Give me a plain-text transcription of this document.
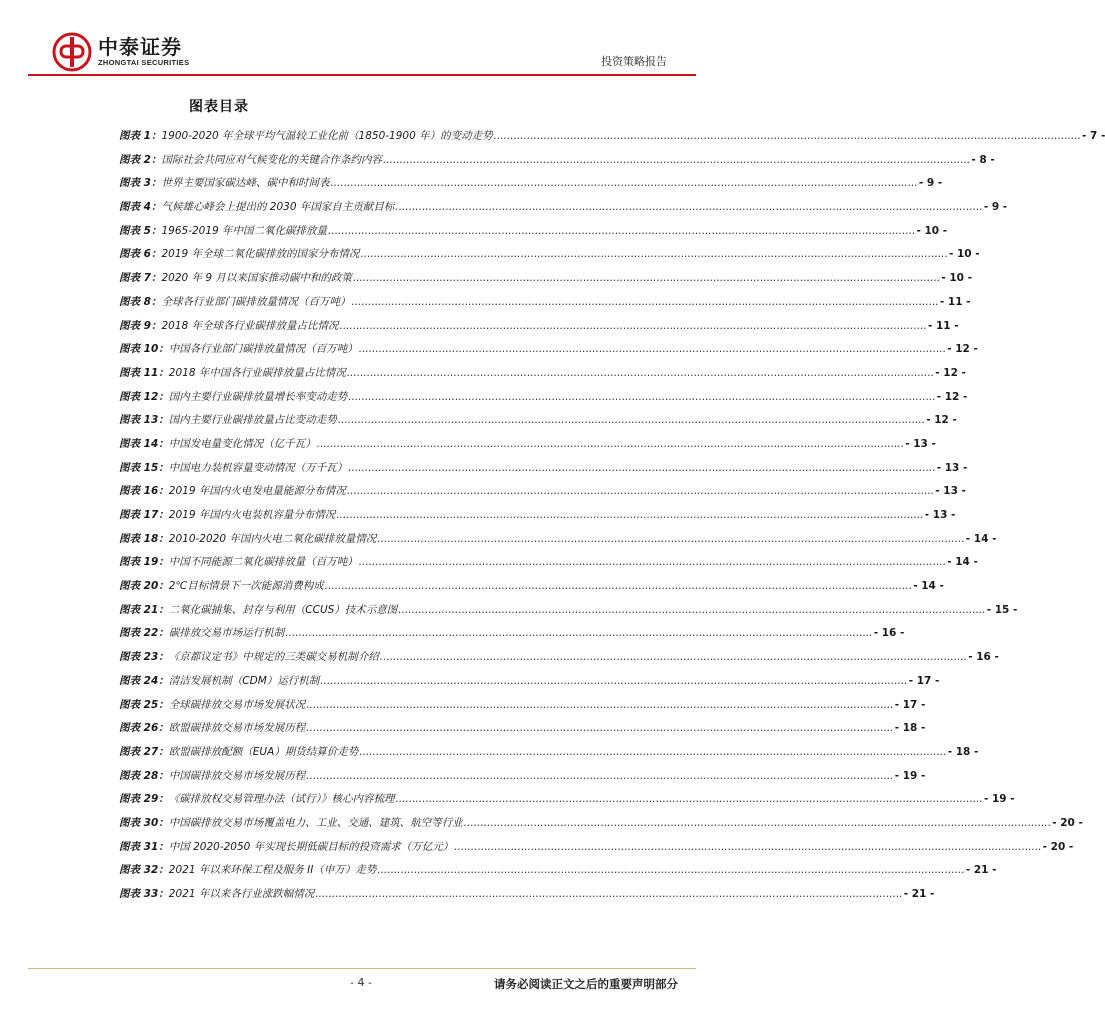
中泰证券
ZHONGTAI SECURITIES	投资策略报告
图表目录
图表 1： 1900-2020 年全球平均气温较工业化前（1850-1900 年）的变动走势 .....	- 7 -
图表 2： 国际社会共同应对气候变化的关键合作条约内容 .....	- 8 -
图表 3： 世界主要国家碳达峰、碳中和时间表 .....	- 9 -
图表 4： 气候雄心峰会上提出的 2030 年国家自主贡献目标 .....	- 9 -
图表 5： 1965-2019 年中国二氧化碳排放量 .....	- 10 -
图表 6： 2019 年全球二氧化碳排放的国家分布情况 .....	- 10 -
图表 7： 2020 年 9 月以来国家推动碳中和的政策 .....	- 10 -
图表 8： 全球各行业部门碳排放量情况（百万吨） .....	- 11 -
图表 9： 2018 年全球各行业碳排放量占比情况 .....	- 11 -
图表 10： 中国各行业部门碳排放量情况（百万吨） .....	- 12 -
图表 11： 2018 年中国各行业碳排放量占比情况 .....	- 12 -
图表 12： 国内主要行业碳排放量增长率变动走势 .....	- 12 -
图表 13： 国内主要行业碳排放量占比变动走势 .....	- 12 -
图表 14： 中国发电量变化情况（亿千瓦） .....	- 13 -
图表 15： 中国电力装机容量变动情况（万千瓦） .....	- 13 -
图表 16： 2019 年国内火电发电量能源分布情况 .....	- 13 -
图表 17： 2019 年国内火电装机容量分布情况 .....	- 13 -
图表 18： 2010-2020 年国内火电二氧化碳排放量情况 .....	- 14 -
图表 19： 中国不同能源二氧化碳排放量（百万吨） .....	- 14 -
图表 20： 2℃目标情景下一次能源消费构成 .....	- 14 -
图表 21： 二氧化碳捕集、封存与利用（CCUS）技术示意图 .....	- 15 -
图表 22： 碳排放交易市场运行机制 .....	- 16 -
图表 23： 《京都议定书》中规定的三类碳交易机制介绍 .....	- 16 -
图表 24： 清洁发展机制（CDM）运行机制 .....	- 17 -
图表 25： 全球碳排放交易市场发展状况 .....	- 17 -
图表 26： 欧盟碳排放交易市场发展历程 .....	- 18 -
图表 27： 欧盟碳排放配额（EUA）期货结算价走势 .....	- 18 -
图表 28： 中国碳排放交易市场发展历程 .....	- 19 -
图表 29： 《碳排放权交易管理办法（试行）》核心内容梳理 .....	- 19 -
图表 30： 中国碳排放交易市场覆盖电力、工业、交通、建筑、航空等行业 .....	- 20 -
图表 31： 中国 2020-2050 年实现长期低碳目标的投资需求（万亿元） .....	- 20 -
图表 32： 2021 年以来环保工程及服务 II（申万）走势 .....	- 21 -
图表 33： 2021 年以来各行业涨跌幅情况 .....	- 21 -
- 4 -	请务必阅读正文之后的重要声明部分
